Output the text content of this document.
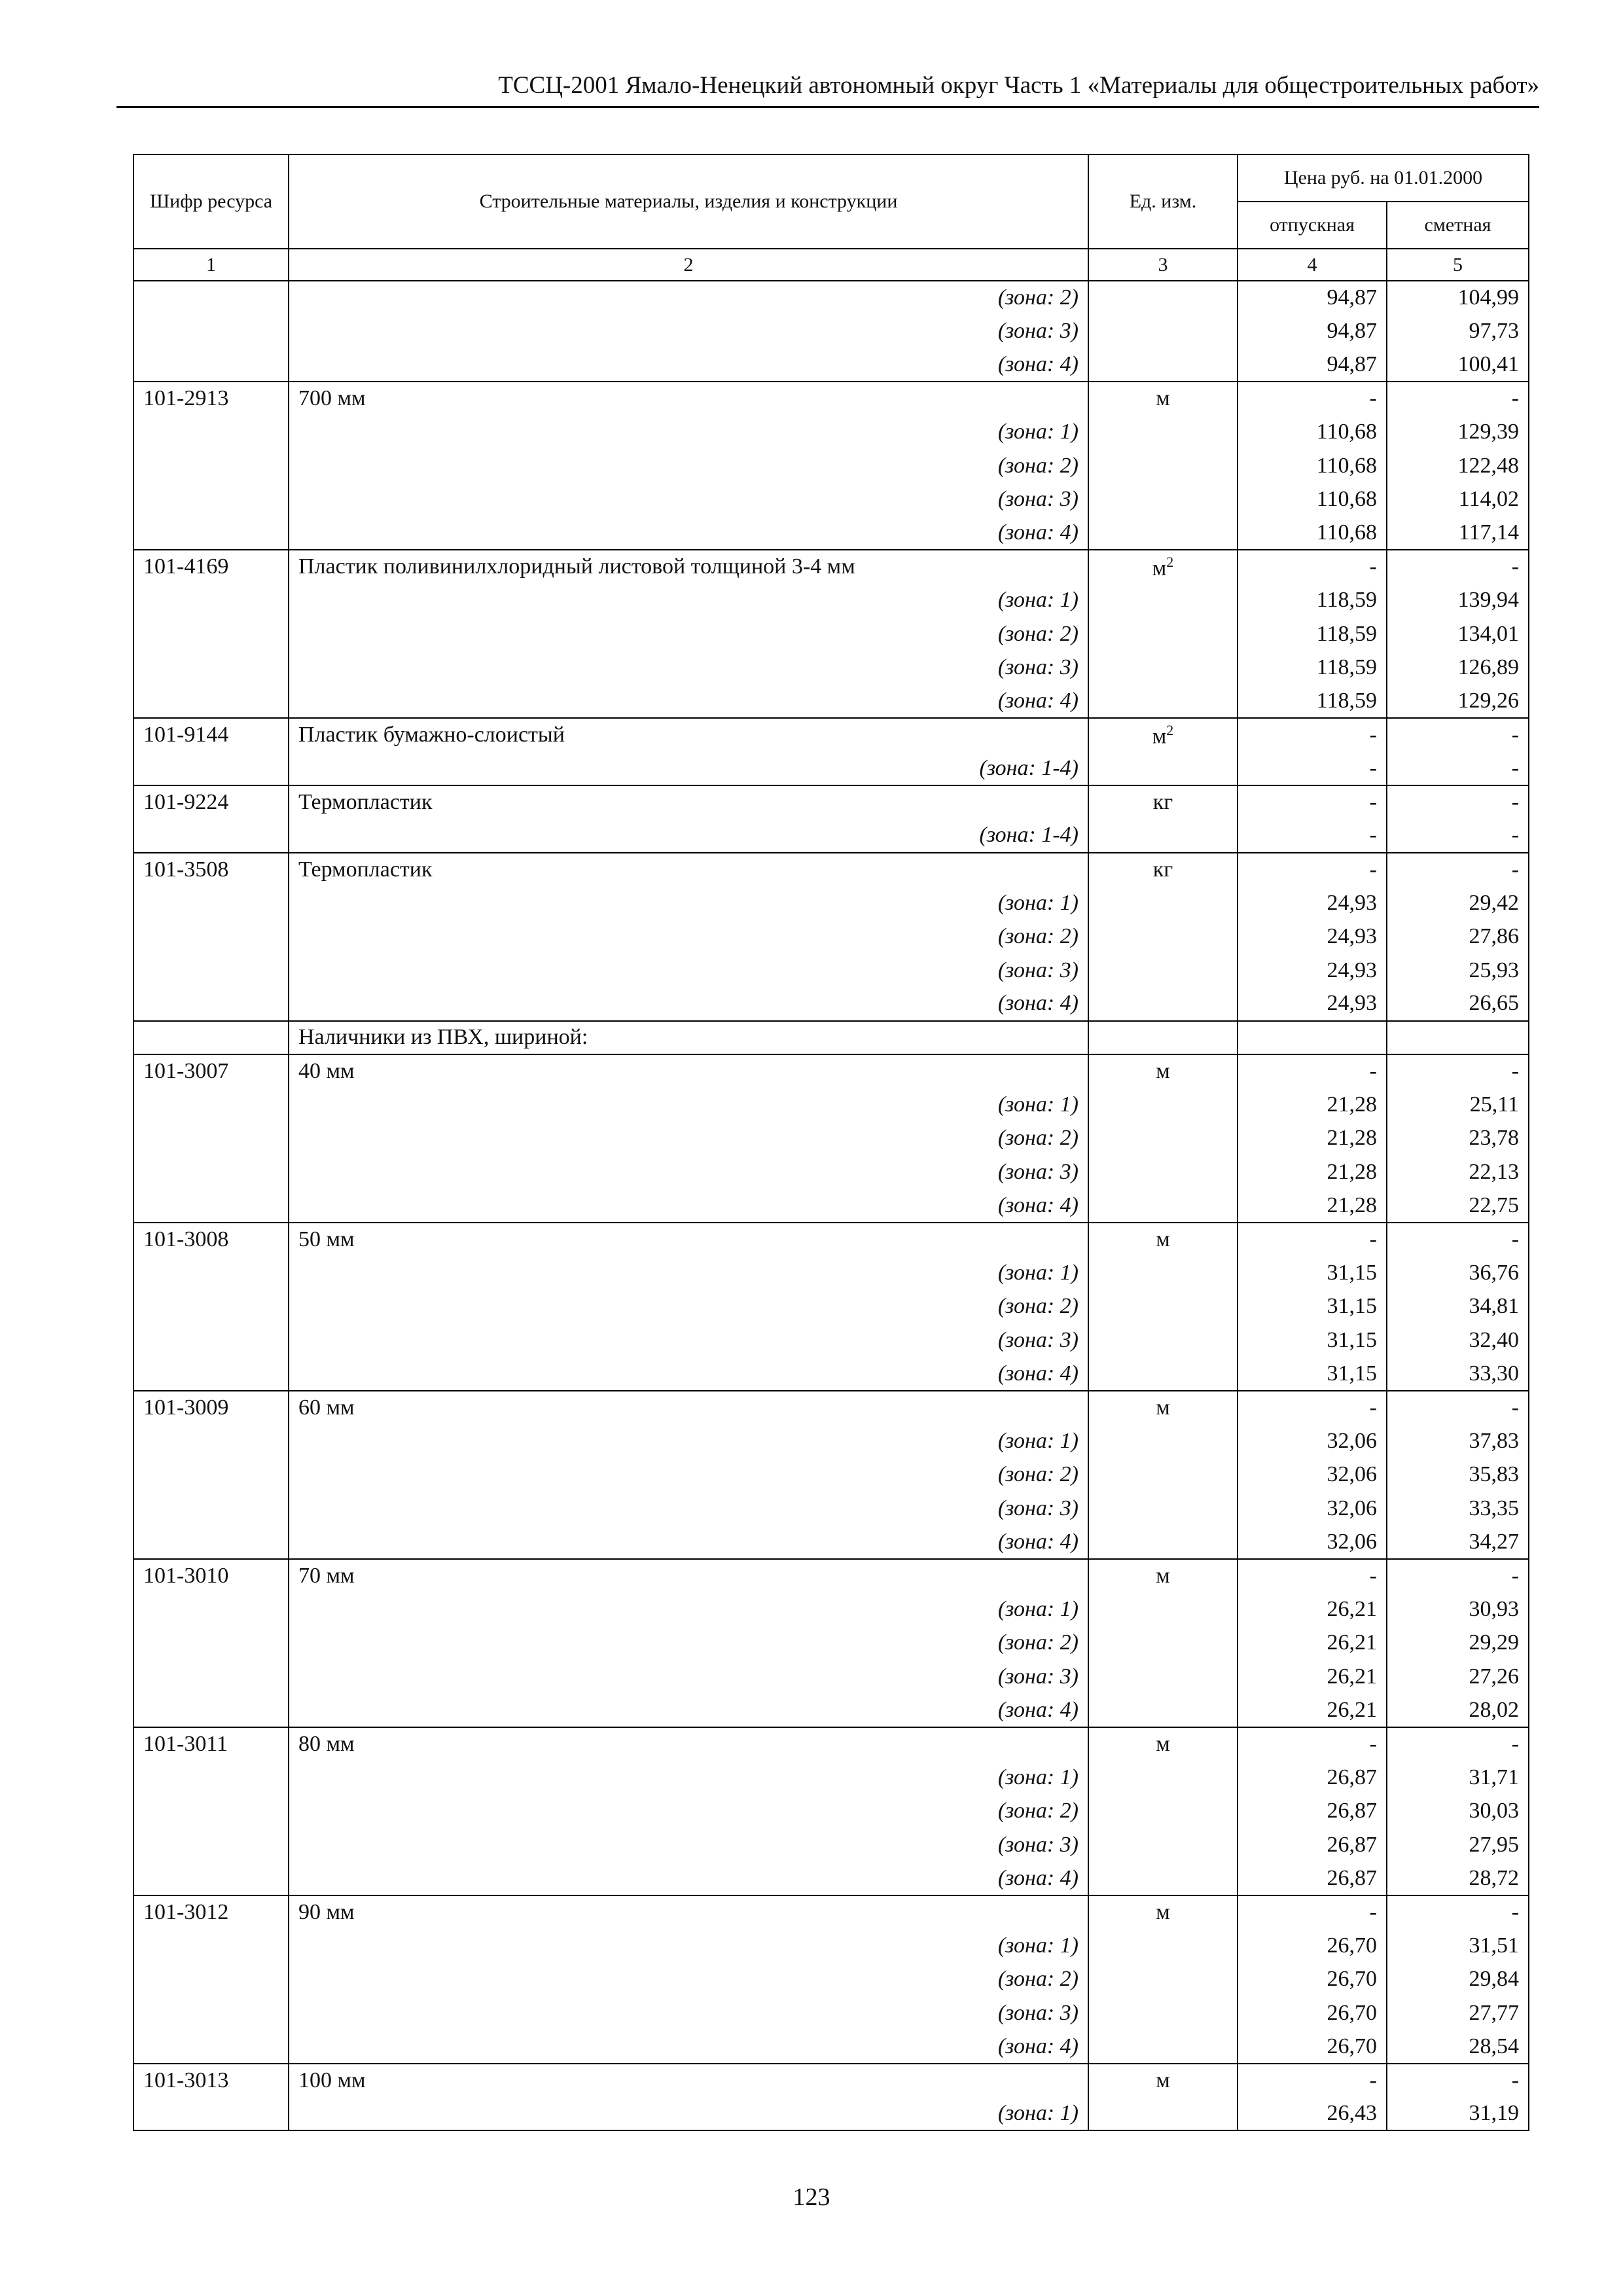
ТССЦ-2001 Ямало-Ненецкий автономный округ Часть 1 «Материалы для общестроительных работ»
Шифр ресурса	Строительные материалы, изделия и конструкции	Ед. изм.	Цена руб. на 01.01.2000	
			отпускная	сметная
1	2	3	4	5
	(зона: 2)		94,87	104,99
	(зона: 3)		94,87	97,73
	(зона: 4)		94,87	100,41
101-2913	700 мм	м	-	-
	(зона: 1)		110,68	129,39
	(зона: 2)		110,68	122,48
	(зона: 3)		110,68	114,02
	(зона: 4)		110,68	117,14
101-4169	Пластик поливинилхлоридный листовой толщиной 3-4 мм	$м^2$	-	-
	(зона: 1)		118,59	139,94
	(зона: 2)		118,59	134,01
	(зона: 3)		118,59	126,89
	(зона: 4)		118,59	129,26
101-9144	Пластик бумажно-слоистый	$м^2$	-	-
	(зона: 1-4)		-	-
101-9224	Термопластик	кг	-	-
	(зона: 1-4)		-	-
101-3508	Термопластик	кг	-	-
	(зона: 1)		24,93	29,42
	(зона: 2)		24,93	27,86
	(зона: 3)		24,93	25,93
	(зона: 4)		24,93	26,65
	Наличники из ПВХ, шириной:			
101-3007	40 мм	м	-	-
	(зона: 1)		21,28	25,11
	(зона: 2)		21,28	23,78
	(зона: 3)		21,28	22,13
	(зона: 4)		21,28	22,75
101-3008	50 мм	м	-	-
	(зона: 1)		31,15	36,76
	(зона: 2)		31,15	34,81
	(зона: 3)		31,15	32,40
	(зона: 4)		31,15	33,30
101-3009	60 мм	м	-	-
	(зона: 1)		32,06	37,83
	(зона: 2)		32,06	35,83
	(зона: 3)		32,06	33,35
	(зона: 4)		32,06	34,27
101-3010	70 мм	м	-	-
	(зона: 1)		26,21	30,93
	(зона: 2)		26,21	29,29
	(зона: 3)		26,21	27,26
	(зона: 4)		26,21	28,02
101-3011	80 мм	м	-	-
	(зона: 1)		26,87	31,71
	(зона: 2)		26,87	30,03
	(зона: 3)		26,87	27,95
	(зона: 4)		26,87	28,72
101-3012	90 мм	м	-	-
	(зона: 1)		26,70	31,51
	(зона: 2)		26,70	29,84
	(зона: 3)		26,70	27,77
	(зона: 4)		26,70	28,54
101-3013	100 мм	м	-	-
	(зона: 1)		26,43	31,19
123
